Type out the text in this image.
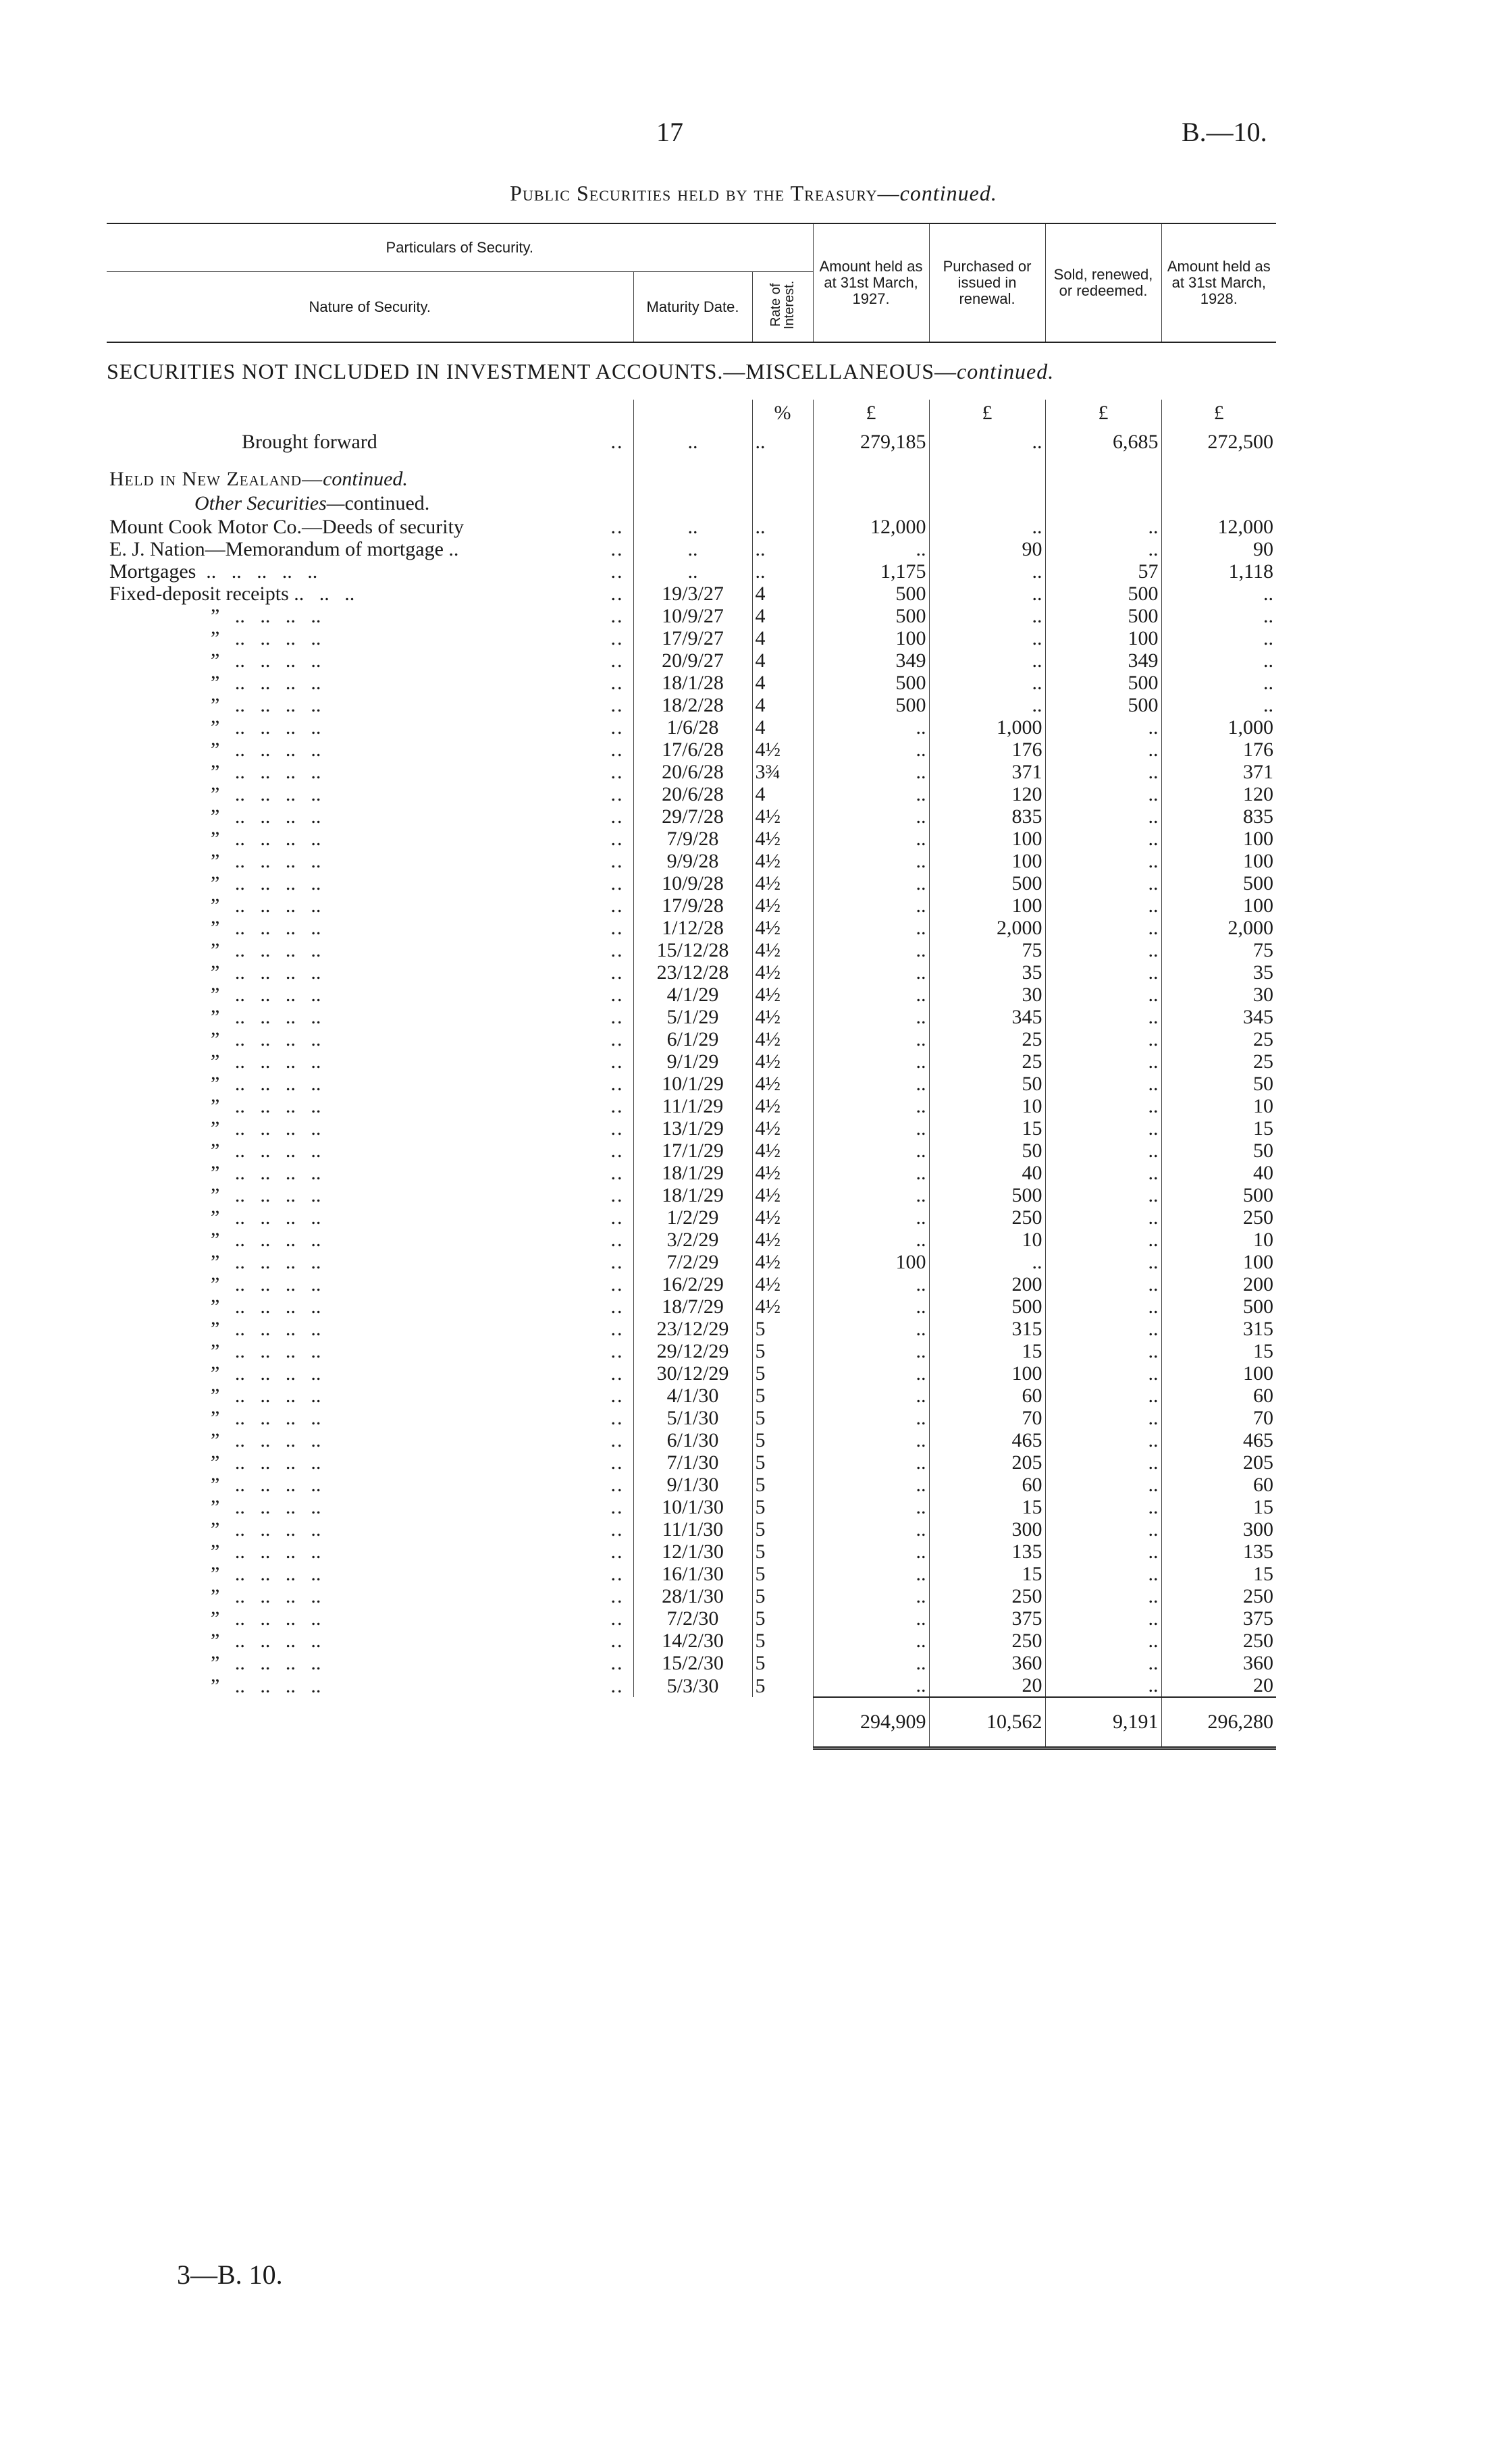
17	B.—10.
Public Securities held by the Treasury—continued.
Particulars of Security.			Amount held as at 31st March, 1927.	Purchased or issued in renewal.	Sold, renewed, or redeemed.	Amount held as at 31st March, 1928.
Nature of Security.	Maturity Date.	Rate of Interest.				
SECURITIES NOT INCLUDED IN INVESTMENT ACCOUNTS.—MISCELLANEOUS—continued.						
		%	£	£	£	£
Brought forward ..	..	..	279,185	..	6,685	272,500
Held in New Zealand—continued.						
Other Securities—continued.						
Mount Cook Motor Co.—Deeds of security ..	..	..	12,000	..	..	12,000
E. J. Nation—Memorandum of mortgage .. ..	..	..	..	90	..	90
Mortgages  ..   ..   ..   ..   .. ..	..	..	1,175	..	57	1,118
Fixed-deposit receipts ..   ..   .. ..	19/3/27	4	500	..	500	..
”   ..   ..   ..   .. ..	10/9/27	4	500	..	500	..
”   ..   ..   ..   .. ..	17/9/27	4	100	..	100	..
”   ..   ..   ..   .. ..	20/9/27	4	349	..	349	..
”   ..   ..   ..   .. ..	18/1/28	4	500	..	500	..
”   ..   ..   ..   .. ..	18/2/28	4	500	..	500	..
”   ..   ..   ..   .. ..	1/6/28	4	..	1,000	..	1,000
”   ..   ..   ..   .. ..	17/6/28	4½	..	176	..	176
”   ..   ..   ..   .. ..	20/6/28	3¾	..	371	..	371
”   ..   ..   ..   .. ..	20/6/28	4	..	120	..	120
”   ..   ..   ..   .. ..	29/7/28	4½	..	835	..	835
”   ..   ..   ..   .. ..	7/9/28	4½	..	100	..	100
”   ..   ..   ..   .. ..	9/9/28	4½	..	100	..	100
”   ..   ..   ..   .. ..	10/9/28	4½	..	500	..	500
”   ..   ..   ..   .. ..	17/9/28	4½	..	100	..	100
”   ..   ..   ..   .. ..	1/12/28	4½	..	2,000	..	2,000
”   ..   ..   ..   .. ..	15/12/28	4½	..	75	..	75
”   ..   ..   ..   .. ..	23/12/28	4½	..	35	..	35
”   ..   ..   ..   .. ..	4/1/29	4½	..	30	..	30
”   ..   ..   ..   .. ..	5/1/29	4½	..	345	..	345
”   ..   ..   ..   .. ..	6/1/29	4½	..	25	..	25
”   ..   ..   ..   .. ..	9/1/29	4½	..	25	..	25
”   ..   ..   ..   .. ..	10/1/29	4½	..	50	..	50
”   ..   ..   ..   .. ..	11/1/29	4½	..	10	..	10
”   ..   ..   ..   .. ..	13/1/29	4½	..	15	..	15
”   ..   ..   ..   .. ..	17/1/29	4½	..	50	..	50
”   ..   ..   ..   .. ..	18/1/29	4½	..	40	..	40
”   ..   ..   ..   .. ..	18/1/29	4½	..	500	..	500
”   ..   ..   ..   .. ..	1/2/29	4½	..	250	..	250
”   ..   ..   ..   .. ..	3/2/29	4½	..	10	..	10
”   ..   ..   ..   .. ..	7/2/29	4½	100	..	..	100
”   ..   ..   ..   .. ..	16/2/29	4½	..	200	..	200
”   ..   ..   ..   .. ..	18/7/29	4½	..	500	..	500
”   ..   ..   ..   .. ..	23/12/29	5	..	315	..	315
”   ..   ..   ..   .. ..	29/12/29	5	..	15	..	15
”   ..   ..   ..   .. ..	30/12/29	5	..	100	..	100
”   ..   ..   ..   .. ..	4/1/30	5	..	60	..	60
”   ..   ..   ..   .. ..	5/1/30	5	..	70	..	70
”   ..   ..   ..   .. ..	6/1/30	5	..	465	..	465
”   ..   ..   ..   .. ..	7/1/30	5	..	205	..	205
”   ..   ..   ..   .. ..	9/1/30	5	..	60	..	60
”   ..   ..   ..   .. ..	10/1/30	5	..	15	..	15
”   ..   ..   ..   .. ..	11/1/30	5	..	300	..	300
”   ..   ..   ..   .. ..	12/1/30	5	..	135	..	135
”   ..   ..   ..   .. ..	16/1/30	5	..	15	..	15
”   ..   ..   ..   .. ..	28/1/30	5	..	250	..	250
”   ..   ..   ..   .. ..	7/2/30	5	..	375	..	375
”   ..   ..   ..   .. ..	14/2/30	5	..	250	..	250
”   ..   ..   ..   .. ..	15/2/30	5	..	360	..	360
”   ..   ..   ..   .. ..	5/3/30	5	..	20	..	20
			294,909	10,562	9,191	296,280
3—B. 10.
